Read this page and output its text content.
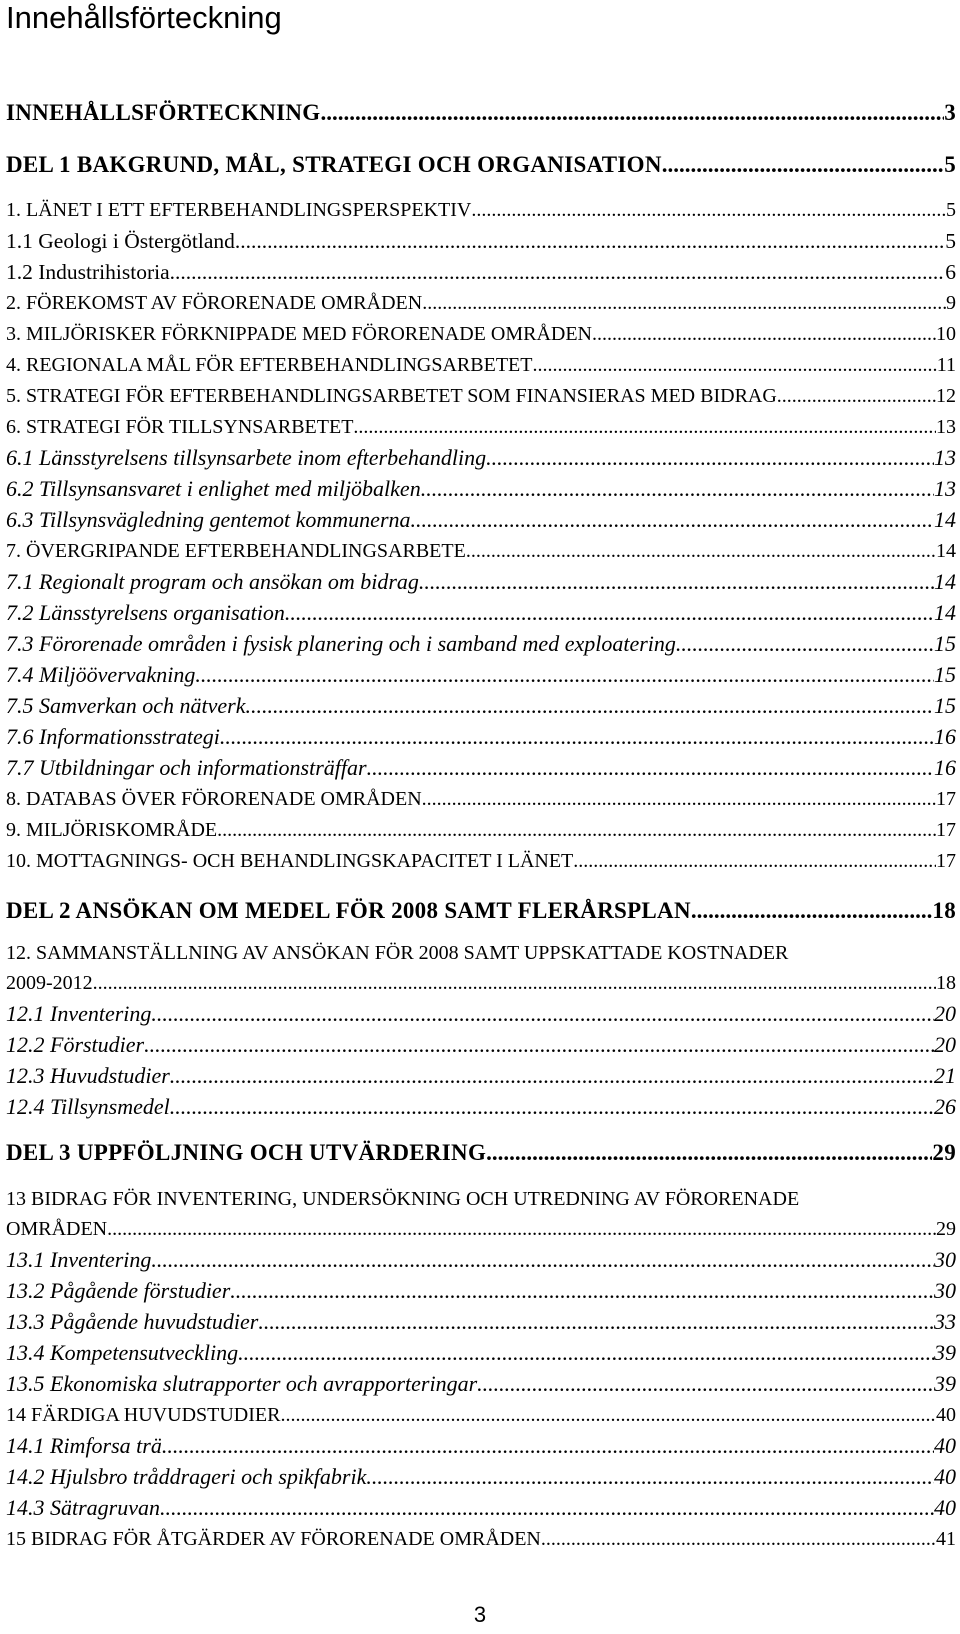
Innehållsförteckning
INNEHÅLLSFÖRTECKNING .....	3
DEL 1 BAKGRUND, MÅL, STRATEGI OCH ORGANISATION .....	5
1. LÄNET I ETT EFTERBEHANDLINGSPERSPEKTIV .....	5
1.1 Geologi i Östergötland .....	5
1.2 Industrihistoria .....	6
2. FÖREKOMST AV FÖRORENADE OMRÅDEN .....	9
3. MILJÖRISKER FÖRKNIPPADE MED FÖRORENADE OMRÅDEN .....	10
4. REGIONALA MÅL FÖR EFTERBEHANDLINGSARBETET .....	11
5. STRATEGI FÖR EFTERBEHANDLINGSARBETET SOM FINANSIERAS MED BIDRAG .....	12
6. STRATEGI FÖR TILLSYNSARBETET .....	13
6.1 Länsstyrelsens tillsynsarbete inom efterbehandling .....	13
6.2 Tillsynsansvaret i enlighet med miljöbalken .....	13
6.3 Tillsynsvägledning gentemot kommunerna .....	14
7. ÖVERGRIPANDE EFTERBEHANDLINGSARBETE .....	14
7.1 Regionalt program och ansökan om bidrag .....	14
7.2 Länsstyrelsens organisation .....	14
7.3 Förorenade områden i fysisk planering och i samband med exploatering .....	15
7.4 Miljöövervakning .....	15
7.5 Samverkan och nätverk .....	15
7.6 Informationsstrategi .....	16
7.7 Utbildningar och informationsträffar .....	16
8. DATABAS ÖVER FÖRORENADE OMRÅDEN .....	17
9. MILJÖRISKOMRÅDE .....	17
10. MOTTAGNINGS- OCH BEHANDLINGSKAPACITET I LÄNET .....	17
DEL 2 ANSÖKAN OM MEDEL FÖR 2008 SAMT FLERÅRSPLAN .....	18
12. SAMMANSTÄLLNING AV ANSÖKAN FÖR 2008 SAMT UPPSKATTADE KOSTNADER
2009-2012 .....	18
12.1 Inventering .....	20
12.2 Förstudier .....	20
12.3 Huvudstudier .....	21
12.4 Tillsynsmedel .....	26
DEL 3 UPPFÖLJNING OCH UTVÄRDERING .....	29
13 BIDRAG FÖR INVENTERING, UNDERSÖKNING OCH UTREDNING AV FÖRORENADE
OMRÅDEN .....	29
13.1 Inventering .....	30
13.2 Pågående förstudier .....	30
13.3 Pågående huvudstudier .....	33
13.4 Kompetensutveckling .....	39
13.5 Ekonomiska slutrapporter och avrapporteringar .....	39
14 FÄRDIGA HUVUDSTUDIER .....	40
14.1 Rimforsa trä .....	40
14.2 Hjulsbro tråddrageri och spikfabrik .....	40
14.3 Sätragruvan .....	40
15 BIDRAG FÖR ÅTGÄRDER AV FÖRORENADE OMRÅDEN .....	41
3
